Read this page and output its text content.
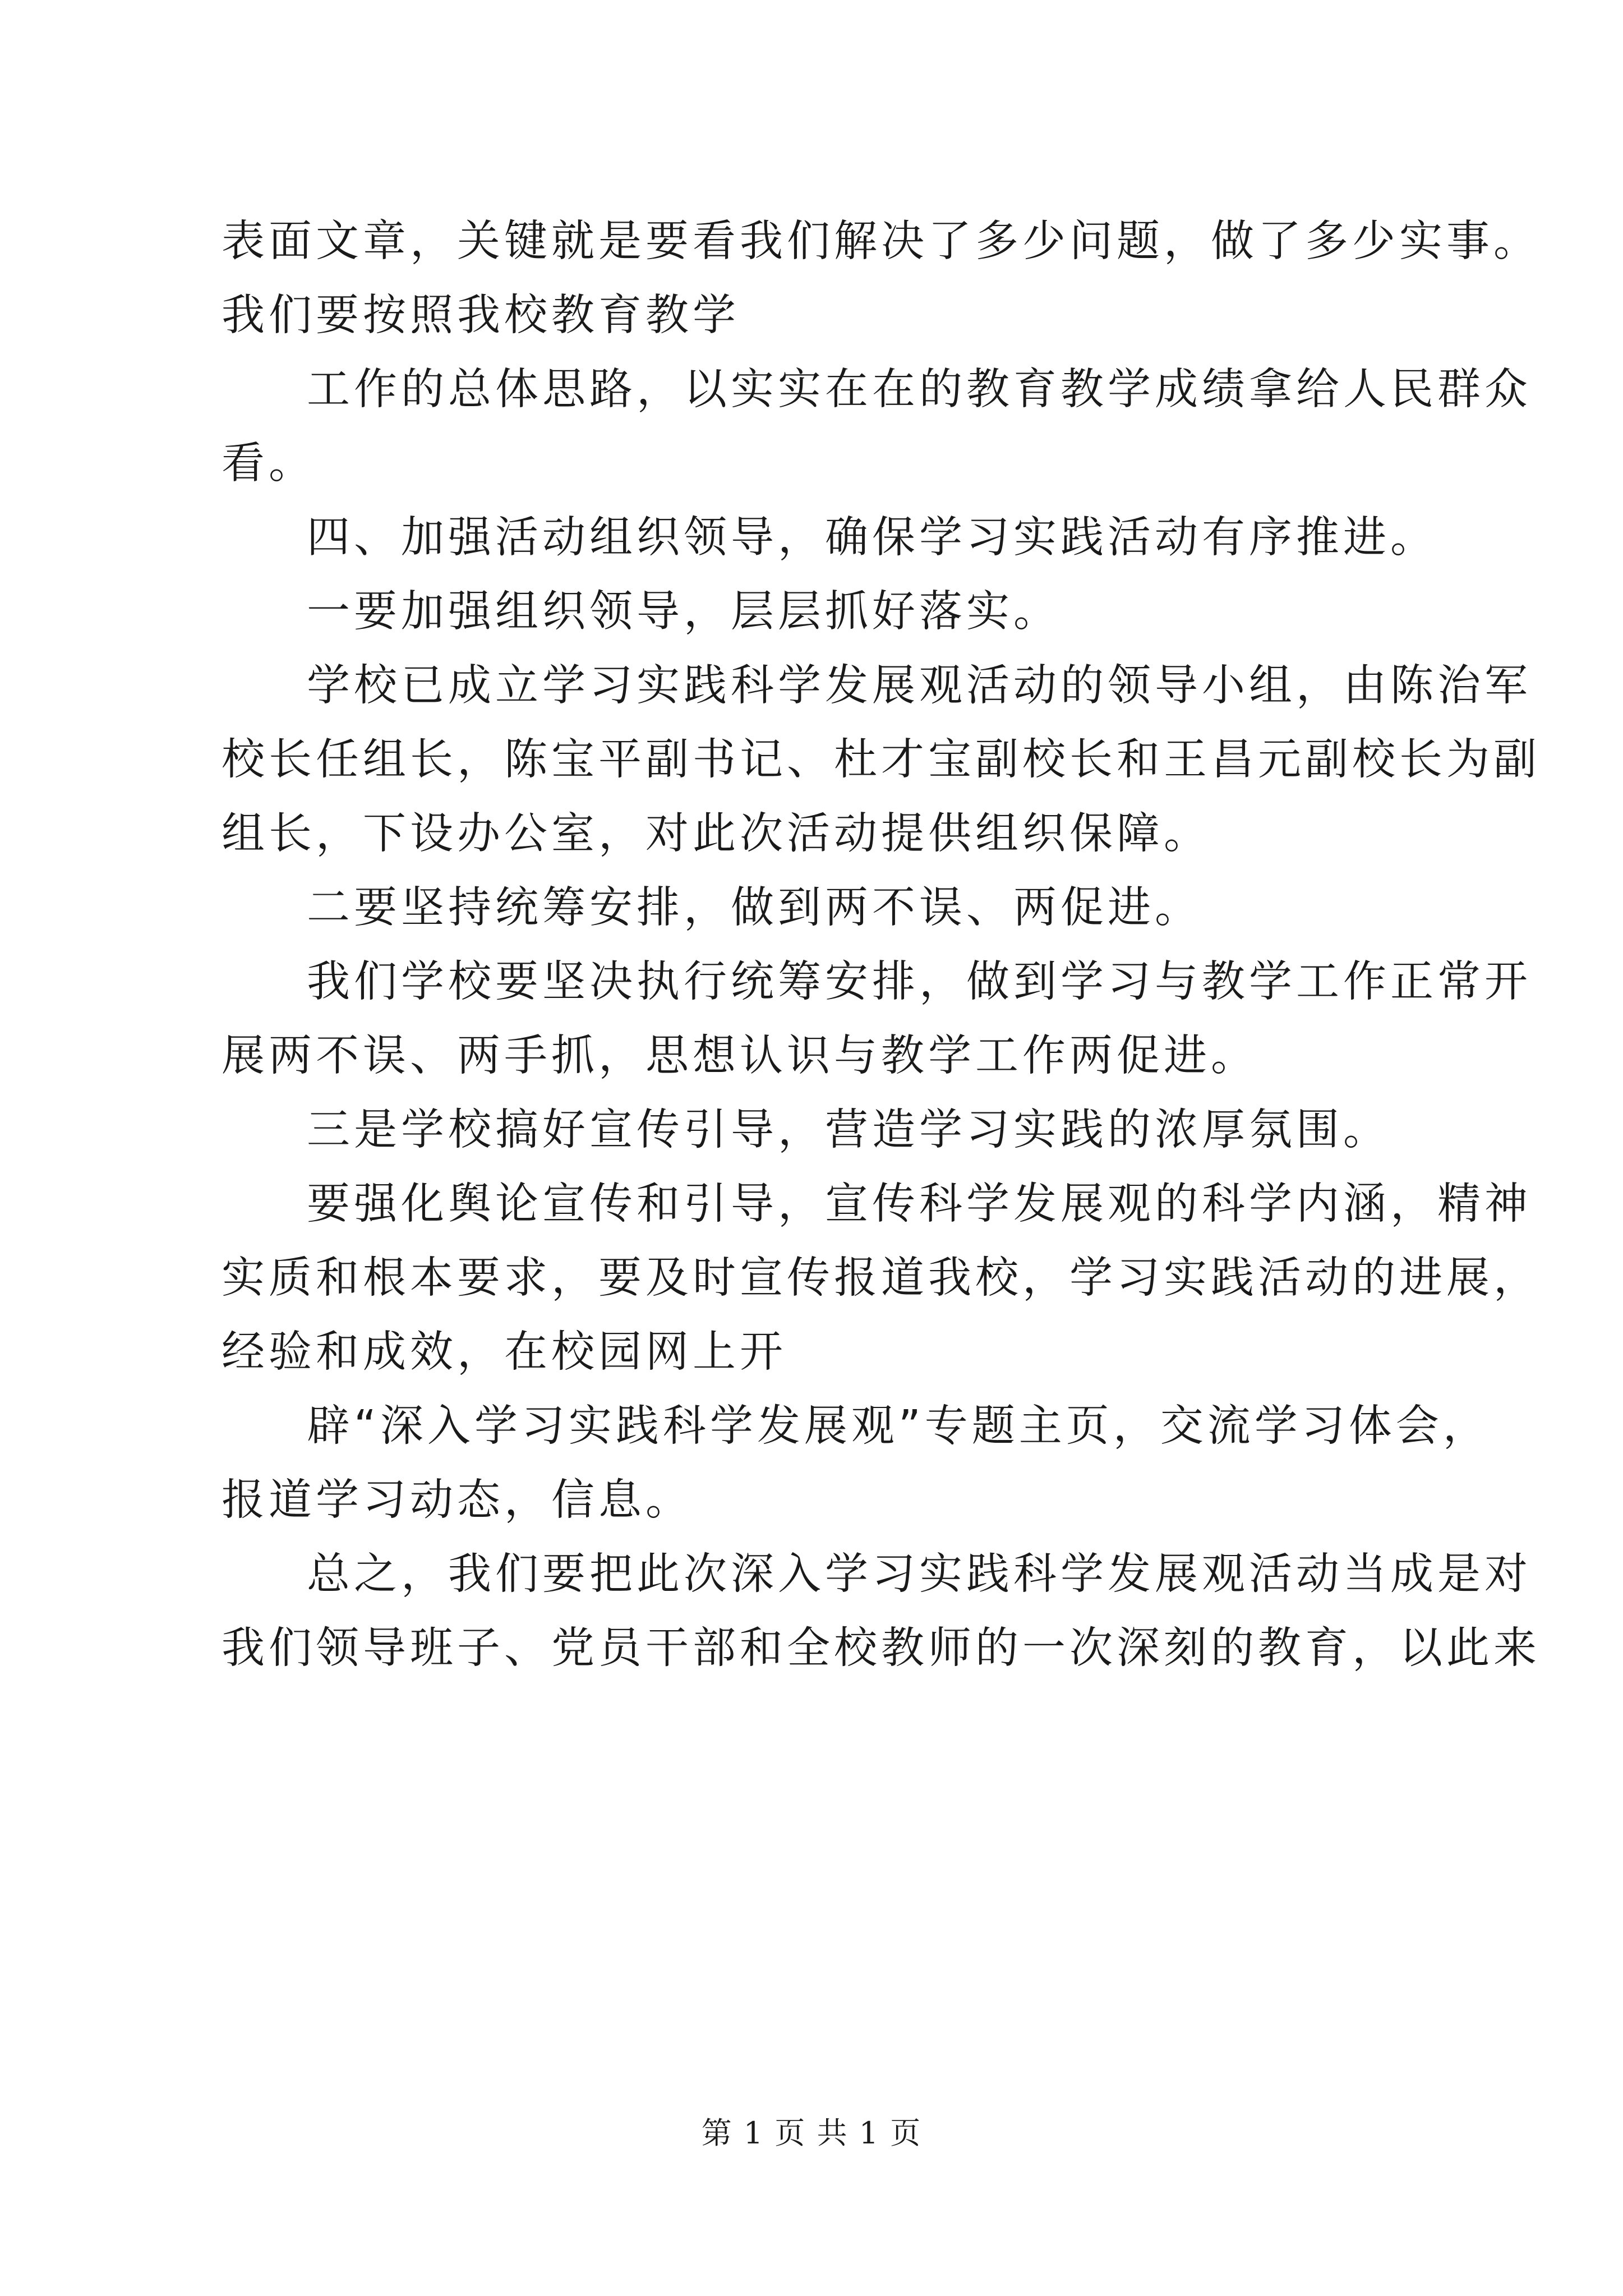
表面文章，关键就是要看我们解决了多少问题，做了多少实事。
我们要按照我校教育教学
工作的总体思路，以实实在在的教育教学成绩拿给人民群众
看。
四、加强活动组织领导，确保学习实践活动有序推进。
一要加强组织领导，层层抓好落实。
学校已成立学习实践科学发展观活动的领导小组，由陈治军
校长任组长，陈宝平副书记、杜才宝副校长和王昌元副校长为副
组长，下设办公室，对此次活动提供组织保障。
二要坚持统筹安排，做到两不误、两促进。
我们学校要坚决执行统筹安排，做到学习与教学工作正常开
展两不误、两手抓，思想认识与教学工作两促进。
三是学校搞好宣传引导，营造学习实践的浓厚氛围。
要强化舆论宣传和引导，宣传科学发展观的科学内涵，精神
实质和根本要求，要及时宣传报道我校，学习实践活动的进展，
经验和成效，在校园网上开
辟“深入学习实践科学发展观”专题主页，交流学习体会，
报道学习动态，信息。
总之，我们要把此次深入学习实践科学发展观活动当成是对
我们领导班子、党员干部和全校教师的一次深刻的教育，以此来
第 1 页 共 1 页
